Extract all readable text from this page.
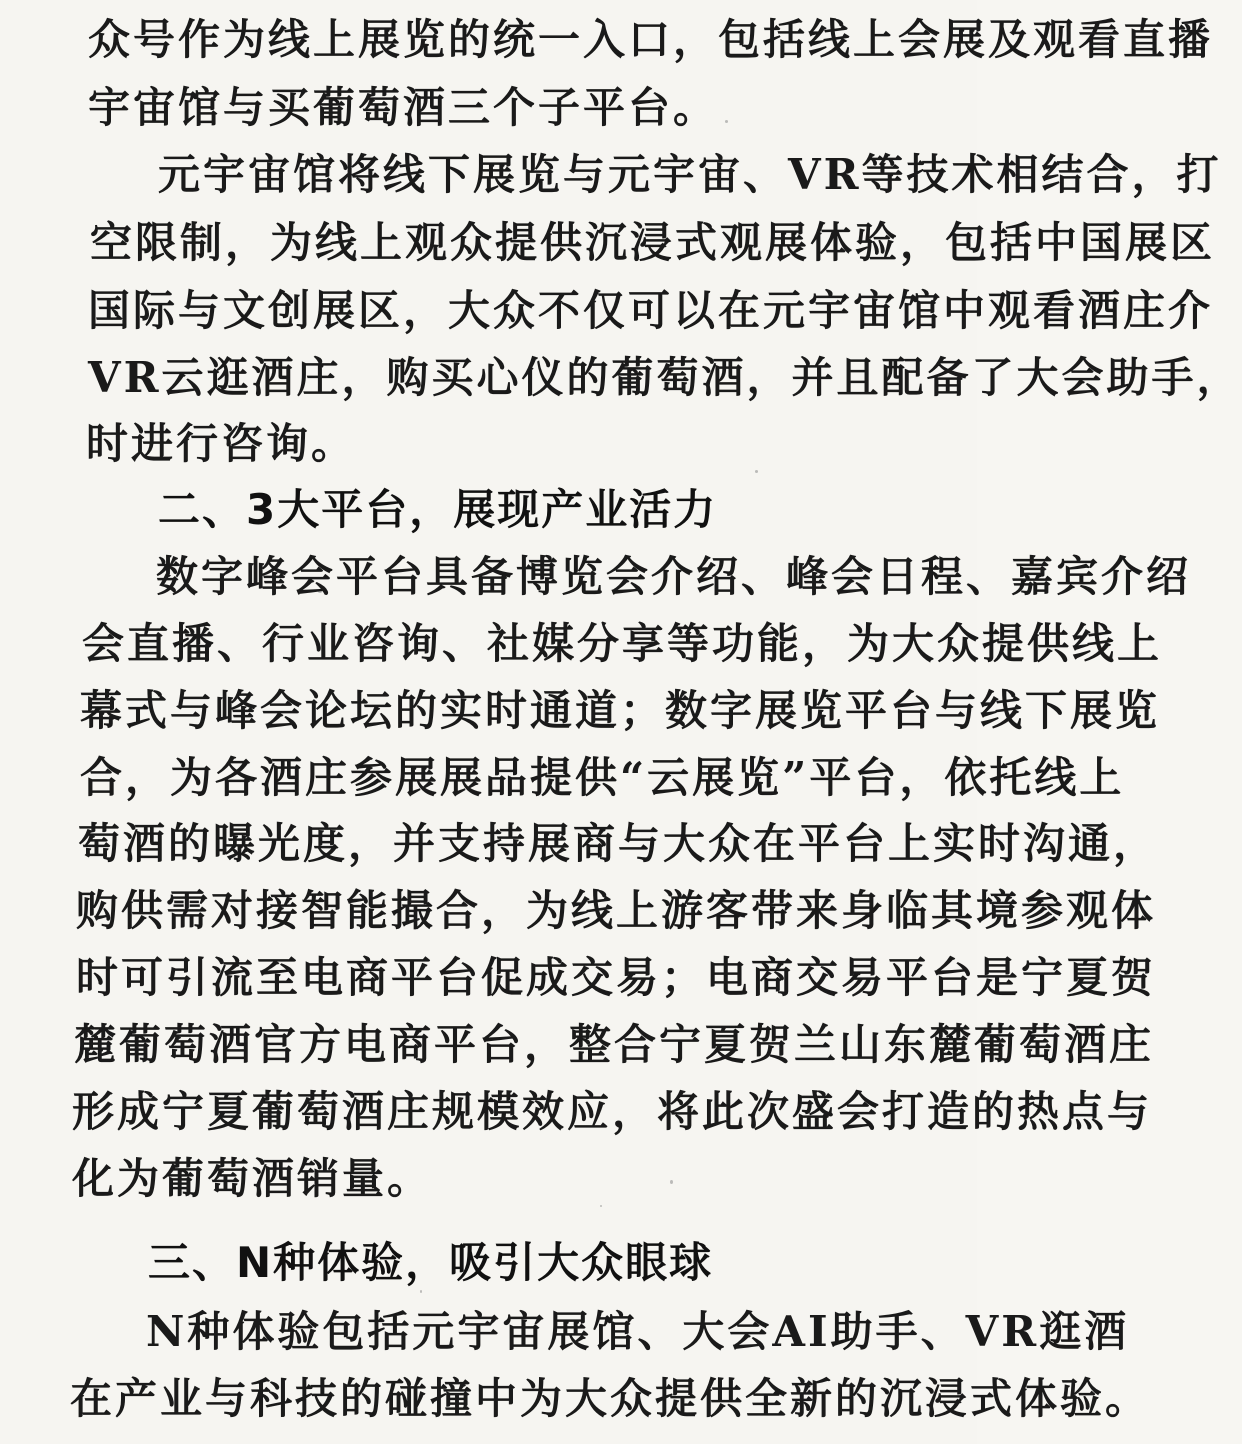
众号作为线上展览的统一入口，包括线上会展及观看直播
宇宙馆与买葡萄酒三个子平台。
元宇宙馆将线下展览与元宇宙、VR等技术相结合，打
空限制，为线上观众提供沉浸式观展体验，包括中国展区
国际与文创展区，大众不仅可以在元宇宙馆中观看酒庄介
VR云逛酒庄，购买心仪的葡萄酒，并且配备了大会助手，
时进行咨询。
二、3大平台，展现产业活力
数字峰会平台具备博览会介绍、峰会日程、嘉宾介绍
会直播、行业咨询、社媒分享等功能，为大众提供线上
幕式与峰会论坛的实时通道；数字展览平台与线下展览
合，为各酒庄参展展品提供“云展览”平台，依托线上
萄酒的曝光度，并支持展商与大众在平台上实时沟通，
购供需对接智能撮合，为线上游客带来身临其境参观体
时可引流至电商平台促成交易；电商交易平台是宁夏贺
麓葡萄酒官方电商平台，整合宁夏贺兰山东麓葡萄酒庄
形成宁夏葡萄酒庄规模效应，将此次盛会打造的热点与
化为葡萄酒销量。
三、N种体验，吸引大众眼球
N种体验包括元宇宙展馆、大会AI助手、VR逛酒
在产业与科技的碰撞中为大众提供全新的沉浸式体验。
